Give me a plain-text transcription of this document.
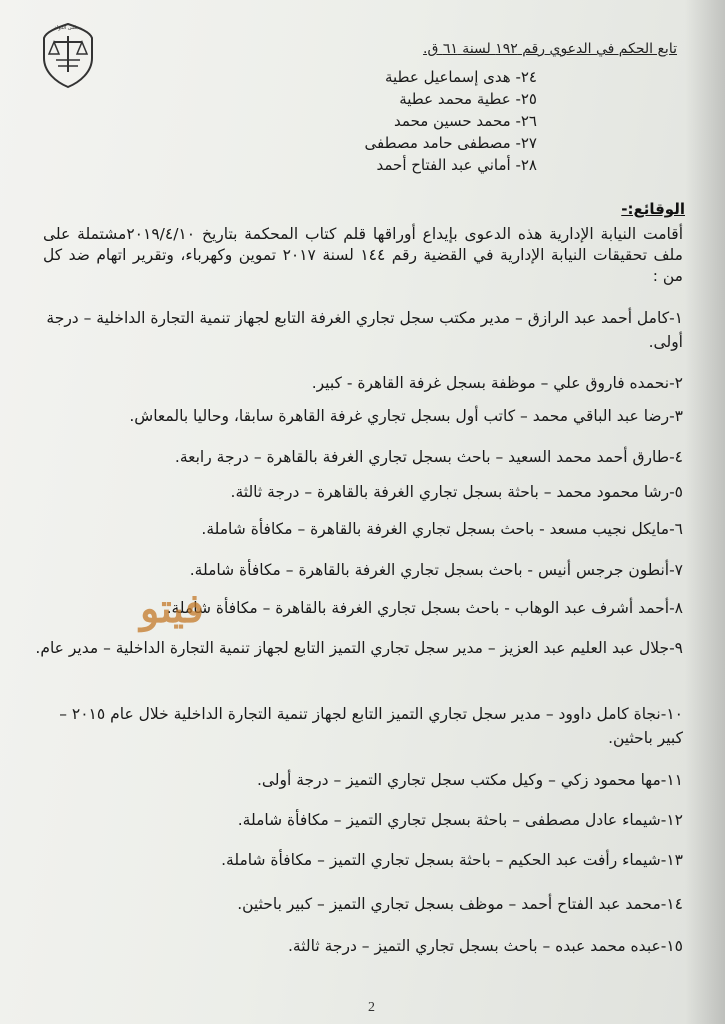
مجلس الدولة
تابع الحكم في الدعوي رقم ١٩٢ لسنة ٦١ ق.
٢٤- هدى إسماعيل عطية
٢٥- عطية محمد عطية
٢٦- محمد حسين محمد
٢٧- مصطفى حامد مصطفى
٢٨- أماني عبد الفتاح أحمد
الوقائع:-
أقامت النيابة الإدارية هذه الدعوى بإيداع أوراقها قلم كتاب المحكمة بتاريخ ٢٠١٩/٤/١٠مشتملة على ملف تحقيقات النيابة الإدارية في القضية رقم ١٤٤ لسنة ٢٠١٧ تموين وكهرباء، وتقرير اتهام ضد كل من :
١-كامل أحمد عبد الرازق – مدير مكتب سجل تجاري الغرفة التابع لجهاز تنمية التجارة الداخلية – درجة أولى.
٢-نحمده فاروق علي – موظفة بسجل غرفة القاهرة - كبير.
٣-رضا عبد الباقي محمد – كاتب أول بسجل تجاري غرفة القاهرة سابقا، وحاليا بالمعاش.
٤-طارق أحمد محمد السعيد – باحث بسجل تجاري الغرفة بالقاهرة – درجة رابعة.
٥-رشا محمود محمد – باحثة بسجل تجاري الغرفة بالقاهرة – درجة ثالثة.
٦-مايكل نجيب مسعد - باحث بسجل تجاري الغرفة بالقاهرة – مكافأة شاملة.
٧-أنطون جرجس أنيس - باحث بسجل تجاري الغرفة بالقاهرة – مكافأة شاملة.
٨-أحمد أشرف عبد الوهاب - باحث بسجل تجاري الغرفة بالقاهرة – مكافأة شاملة.
٩-جلال عبد العليم عبد العزيز – مدير سجل تجاري التميز التابع لجهاز تنمية التجارة الداخلية – مدير عام.
١٠-نجاة كامل داوود – مدير سجل تجاري التميز التابع لجهاز تنمية التجارة الداخلية خلال عام ٢٠١٥ – كبير باحثين.
١١-مها محمود زكي – وكيل مكتب سجل تجاري التميز – درجة أولى.
١٢-شيماء عادل مصطفى – باحثة بسجل تجاري التميز – مكافأة شاملة.
١٣-شيماء رأفت عبد الحكيم – باحثة بسجل تجاري التميز – مكافأة شاملة.
١٤-محمد عبد الفتاح أحمد – موظف بسجل تجاري التميز – كبير باحثين.
١٥-عبده محمد عبده – باحث بسجل تجاري التميز – درجة ثالثة.
فيتو
2
